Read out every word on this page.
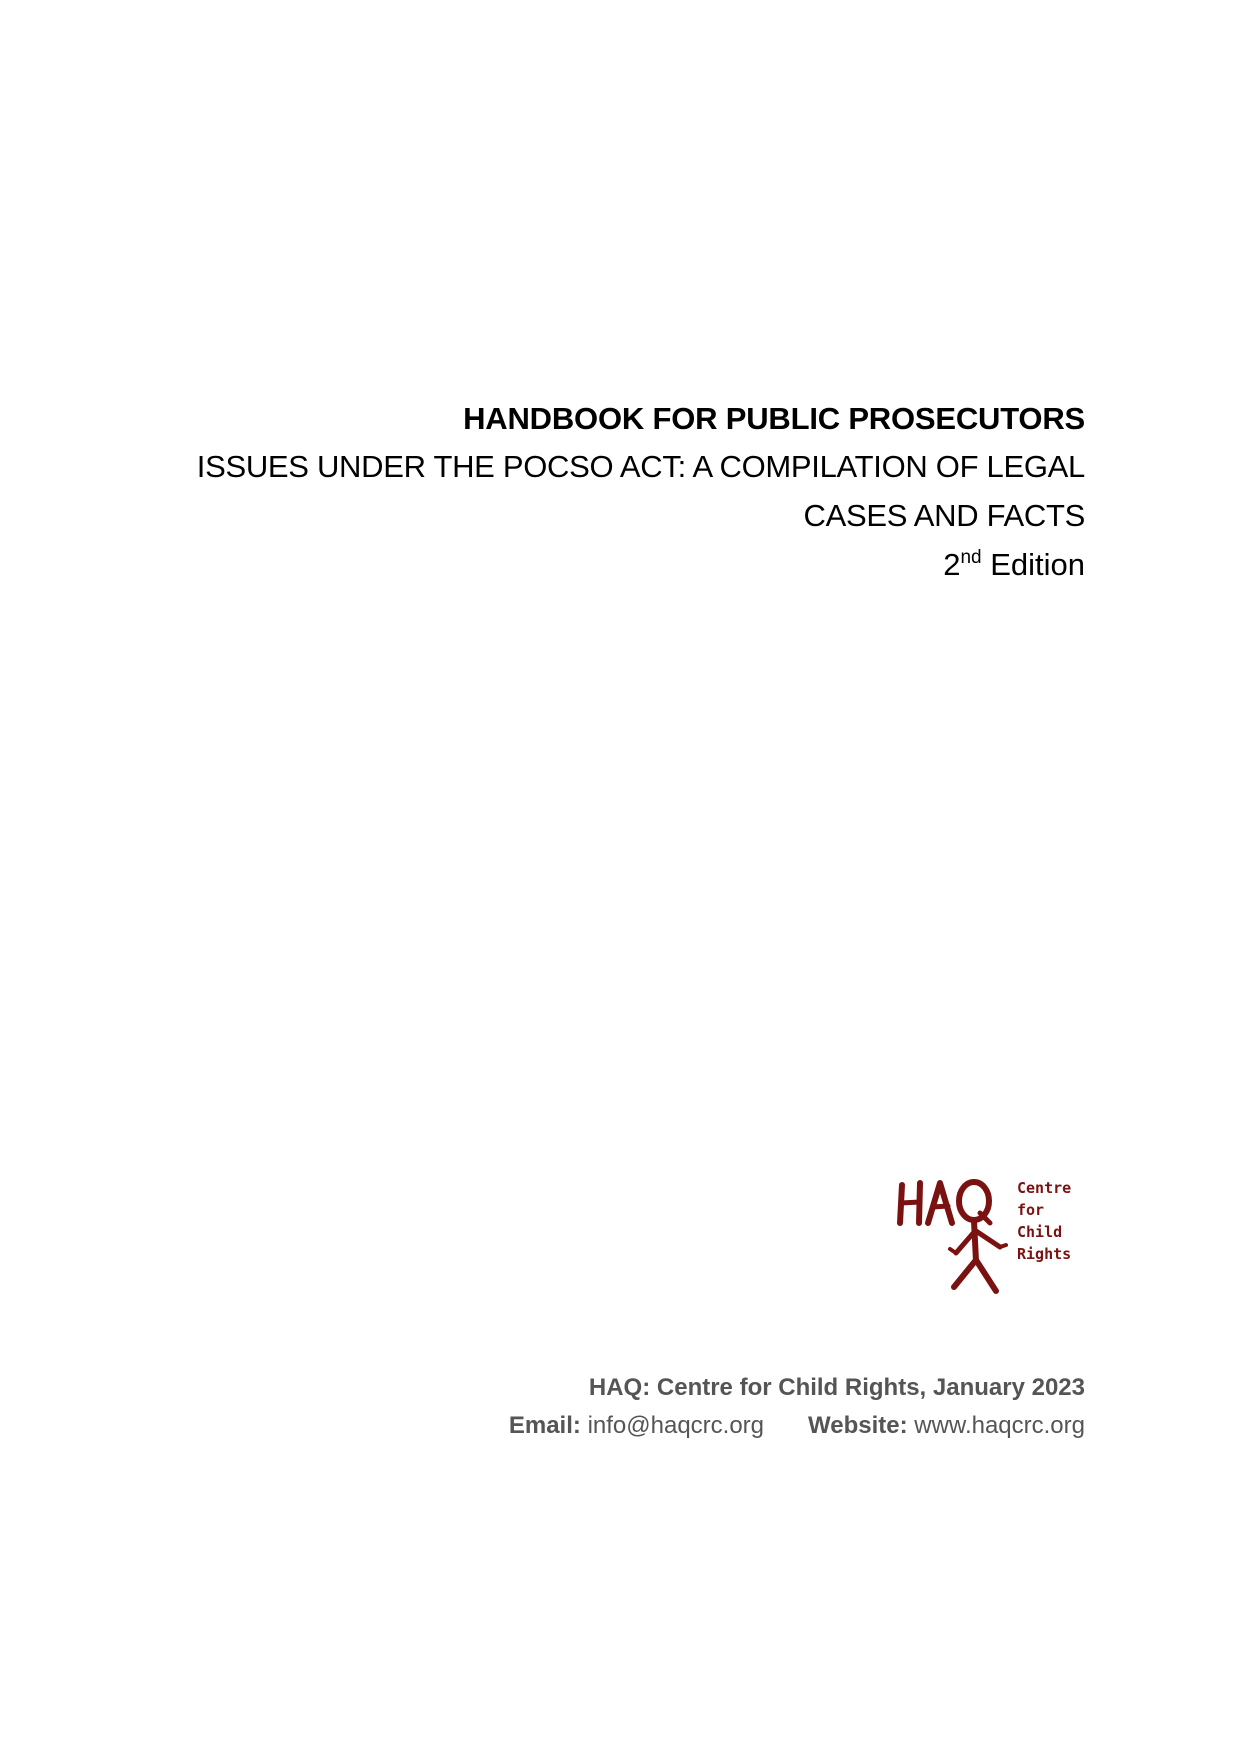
HANDBOOK FOR PUBLIC PROSECUTORS

ISSUES UNDER THE POCSO ACT: A COMPILATION OF LEGAL

CASES AND FACTS

2nd Edition

Centre
for
Child
Rights

HAQ: Centre for Child Rights, January 2023

Email: info@haqcrc.org Website: www.haqcrc.org
